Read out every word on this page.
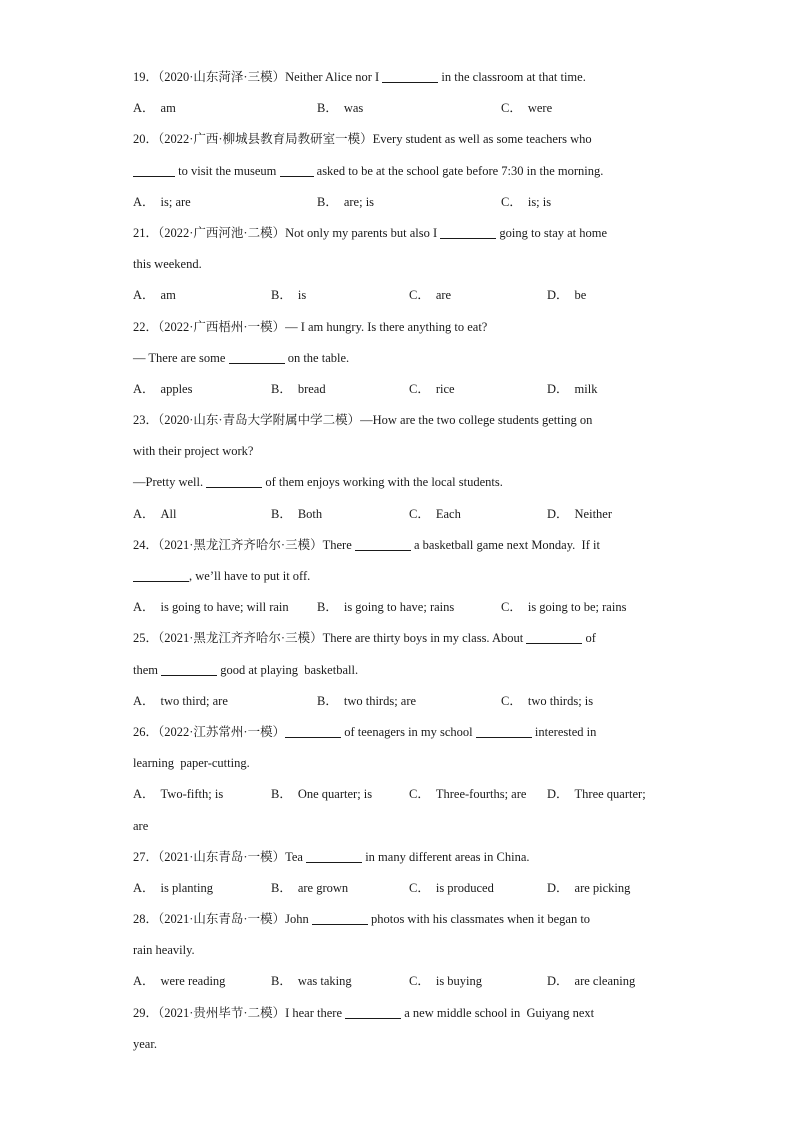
19．（2020·山东菏泽·三模）Neither Alice nor I	in the classroom at that time.
A． am	B． was	C． were
20．（2022·广西·柳城县教育局教研室一模）Every student as well as some teachers who
to visit the museum	asked to be at the school gate before 7:30 in the morning.
A． is; are	B． are; is	C． is; is
21．（2022·广西河池·二模）Not only my parents but also I	going to stay at home
this weekend.
A． am	B． is	C． are	D． be
22．（2022·广西梧州·一模）— I am hungry. Is there anything to eat?
— There are some	on the table.
A． apples	B． bread	C． rice	D． milk
23．（2020·山东·青岛大学附属中学二模）—How are the two college students getting on
with their project work?
—Pretty well.	of them enjoys working with the local students.
A． All	B． Both	C． Each	D． Neither
24．（2021·黑龙江齐齐哈尔·三模）There	a basketball game next Monday.  If it
, we’ll have to put it off.
A． is going to have; will rain B． is going to have; rains	C． is going to be; rains
25．（2021·黑龙江齐齐哈尔·三模）There are thirty boys in my class. About	of
them	good at playing  basketball.
A． two third; are	B． two thirds; are	C． two thirds; is
26．（2022·江苏常州·一模）	of teenagers in my school	interested in
learning  paper-cutting.
A． Two-fifth; is	B． One quarter; is	C． Three-fourths; are D． Three quarter;
are
27．（2021·山东青岛·一模）Tea	in many different areas in China.
A． is planting	B． are grown	C． is produced	D． are picking
28．（2021·山东青岛·一模）John	photos with his classmates when it began to
rain heavily.
A． were reading	B． was taking	C． is buying	D． are cleaning
29．（2021·贵州毕节·二模）I hear there	a new middle school in  Guiyang next
year.
